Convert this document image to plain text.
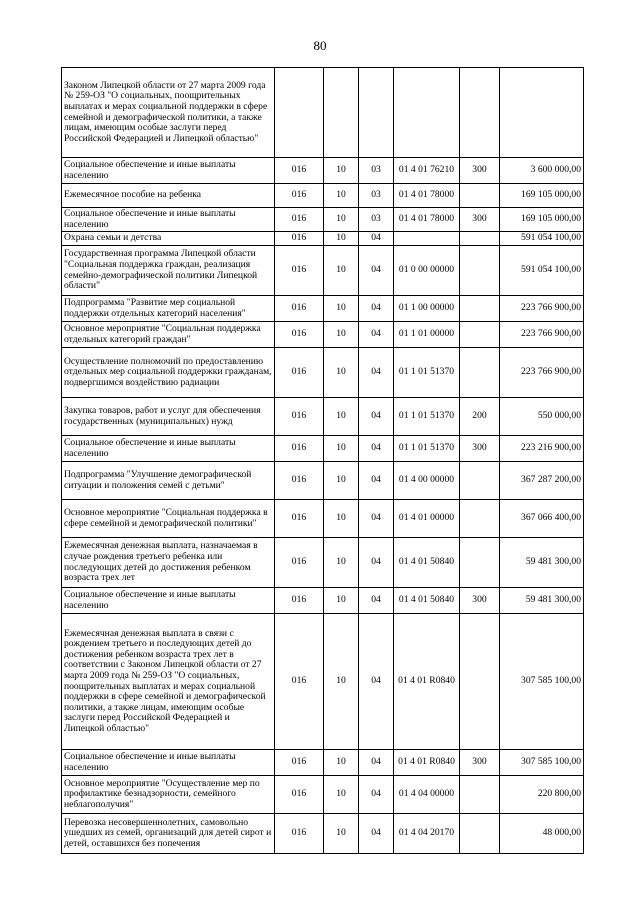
80
Законом Липецкой области от 27 марта 2009 года № 259-ОЗ "О социальных, поощрительных выплатах и мерах социальной поддержки в сфере семейной и демографической политики, а также лицам, имеющим особые заслуги перед Российской Федерацией и Липецкой областью"						
Социальное обеспечение и иные выплаты населению	016	10	03	01 4 01 76210	300	3 600 000,00
Ежемесячное пособие на ребенка	016	10	03	01 4 01 78000		169 105 000,00
Социальное обеспечение и иные выплаты населению	016	10	03	01 4 01 78000	300	169 105 000,00
Охрана семьи и детства	016	10	04			591 054 100,00
Государственная программа Липецкой области "Социальная поддержка граждан, реализация семейно-демографической политики Липецкой области"	016	10	04	01 0 00 00000		591 054 100,00
Подпрограмма "Развитие мер социальной поддержки отдельных категорий населения"	016	10	04	01 1 00 00000		223 766 900,00
Основное мероприятие "Социальная поддержка отдельных категорий граждан"	016	10	04	01 1 01 00000		223 766 900,00
Осуществление полномочий по предоставлению отдельных мер социальной поддержки гражданам, подвергшимся воздействию радиации	016	10	04	01 1 01 51370		223 766 900,00
Закупка товаров, работ и услуг для обеспечения государственных (муниципальных) нужд	016	10	04	01 1 01 51370	200	550 000,00
Социальное обеспечение и иные выплаты населению	016	10	04	01 1 01 51370	300	223 216 900,00
Подпрограмма "Улучшение демографической ситуации и положения семей с детьми"	016	10	04	01 4 00 00000		367 287 200,00
Основное мероприятие "Социальная поддержка в сфере семейной и демографической политики"	016	10	04	01 4 01 00000		367 066 400,00
Ежемесячная денежная выплата, назначаемая в случае рождения третьего ребенка или последующих детей до достижения ребенком возраста трех лет	016	10	04	01 4 01 50840		59 481 300,00
Социальное обеспечение и иные выплаты населению	016	10	04	01 4 01 50840	300	59 481 300,00
Ежемесячная денежная выплата в связи с рождением третьего и последующих детей до достижения ребенком возраста трех лет в соответствии с Законом Липецкой области от 27 марта 2009 года № 259-ОЗ "О социальных, поощрительных выплатах и мерах социальной поддержки в сфере семейной и демографической политики, а также лицам, имеющим особые заслуги перед Российской Федерацией и Липецкой областью"	016	10	04	01 4 01 R0840		307 585 100,00
Социальное обеспечение и иные выплаты населению	016	10	04	01 4 01 R0840	300	307 585 100,00
Основное мероприятие "Осуществление мер по профилактике безнадзорности, семейного неблагополучия"	016	10	04	01 4 04 00000		220 800,00
Перевозка несовершеннолетних, самовольно ушедших из семей, организаций для детей сирот и детей, оставшихся без попечения	016	10	04	01 4 04 20170		48 000,00
